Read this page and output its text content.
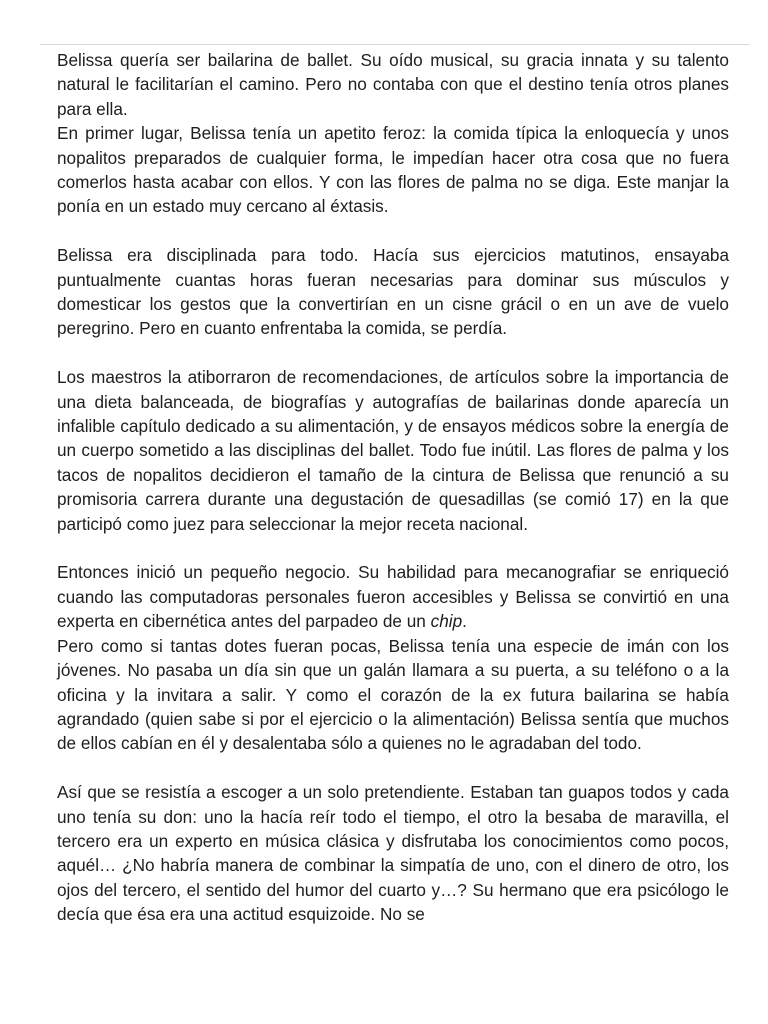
Belissa quería ser bailarina de ballet. Su oído musical, su gracia innata y su talento natural le facilitarían el camino. Pero no contaba con que el destino tenía otros planes para ella.

En primer lugar, Belissa tenía un apetito feroz: la comida típica la enloquecía y unos nopalitos preparados de cualquier forma, le impedían hacer otra cosa que no fuera comerlos hasta acabar con ellos. Y con las flores de palma no se diga. Este manjar la ponía en un estado muy cercano al éxtasis.

Belissa era disciplinada para todo. Hacía sus ejercicios matutinos, ensayaba puntualmente cuantas horas fueran necesarias para dominar sus músculos y domesticar los gestos que la convertirían en un cisne grácil o en un ave de vuelo peregrino. Pero en cuanto enfrentaba la comida, se perdía.

Los maestros la atiborraron de recomendaciones, de artículos sobre la importancia de una dieta balanceada, de biografías y autografías de bailarinas donde aparecía un infalible capítulo dedicado a su alimentación, y de ensayos médicos sobre la energía de un cuerpo sometido a las disciplinas del ballet. Todo fue inútil. Las flores de palma y los tacos de nopalitos decidieron el tamaño de la cintura de Belissa que renunció a su promisoria carrera durante una degustación de quesadillas (se comió 17) en la que participó como juez para seleccionar la mejor receta nacional.

Entonces inició un pequeño negocio. Su habilidad para mecanografiar se enriqueció cuando las computadoras personales fueron accesibles y Belissa se convirtió en una experta en cibernética antes del parpadeo de un chip.

Pero como si tantas dotes fueran pocas, Belissa tenía una especie de imán con los jóvenes. No pasaba un día sin que un galán llamara a su puerta, a su teléfono o a la oficina y la invitara a salir. Y como el corazón de la ex futura bailarina se había agrandado (quien sabe si por el ejercicio o la alimentación) Belissa sentía que muchos de ellos cabían en él y desalentaba sólo a quienes no le agradaban del todo.

Así que se resistía a escoger a un solo pretendiente. Estaban tan guapos todos y cada uno tenía su don: uno la hacía reír todo el tiempo, el otro la besaba de maravilla, el tercero era un experto en música clásica y disfrutaba los conocimientos como pocos, aquél… ¿No habría manera de combinar la simpatía de uno, con el dinero de otro, los ojos del tercero, el sentido del humor del cuarto y…? Su hermano que era psicólogo le decía que ésa era una actitud esquizoide. No se
